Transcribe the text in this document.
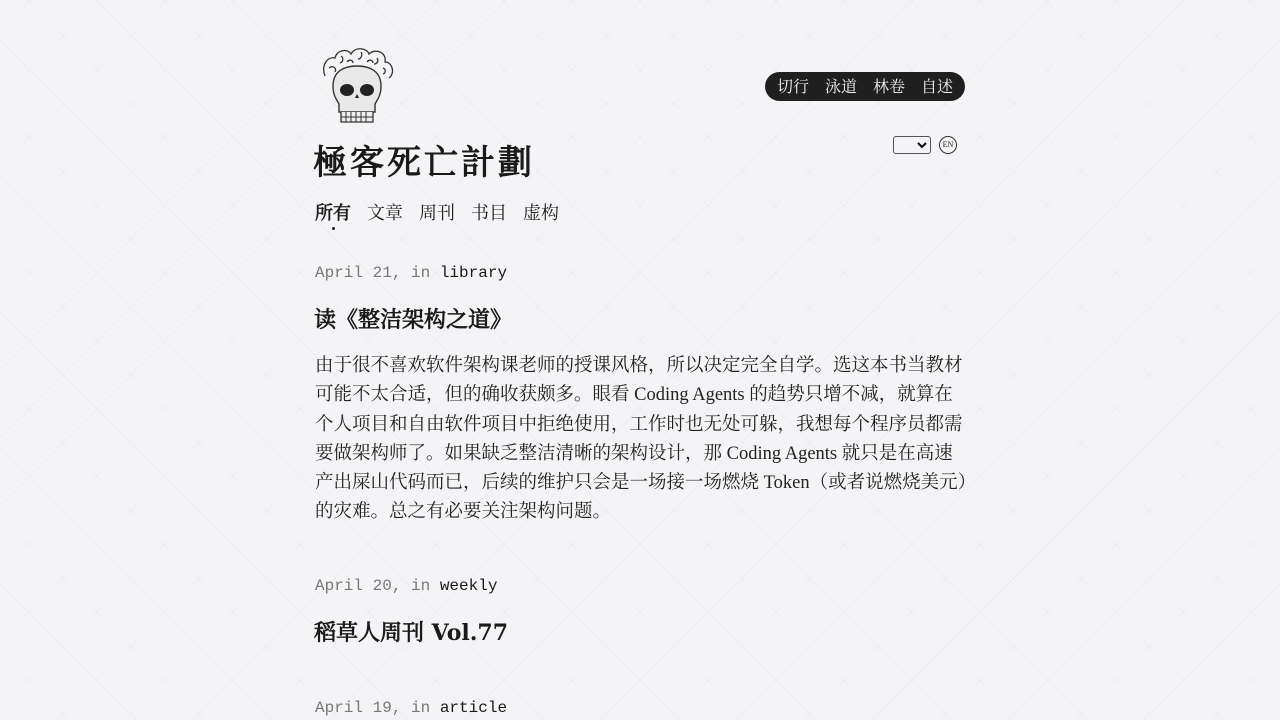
切行 泳道 林卷 自述
極客死亡計劃	EN
所有 文章 周刊 书目 虚构
April 21, in library
读《整洁架构之道》

由于很不喜欢软件架构课老师的授课风格，所以决定完全自学。选这本书当教材可能不太合适，但的确收获颇多。眼看 Coding Agents 的趋势只增不减，就算在个人项目和自由软件项目中拒绝使用，工作时也无处可躲，我想每个程序员都需要做架构师了。如果缺乏整洁清晰的架构设计，那 Coding Agents 就只是在高速产出屎山代码而已，后续的维护只会是一场接一场燃烧 Token（或者说燃烧美元）的灾难。总之有必要关注架构问题。

April 20, in weekly
稻草人周刊 Vol.77
April 19, in article
